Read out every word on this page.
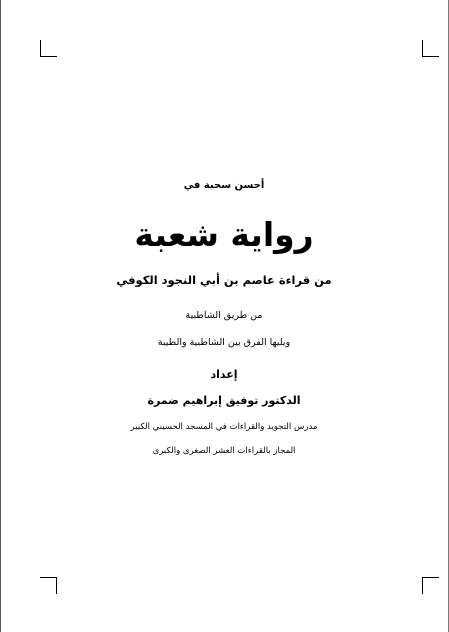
أحسن سحبة في
رواية شعبة
من قراءة عاصم بن أبي النجود الكوفي
من طريق الشاطبية
ويليها الفرق بين الشاطبية والطيبة
إعداد
الدكتور توفيق إبراهيم ضمرة
مدرس التجويد والقراءات في المسجد الحسيني الكبير
المجاز بالقراءات العشر الصغرى والكبرى
